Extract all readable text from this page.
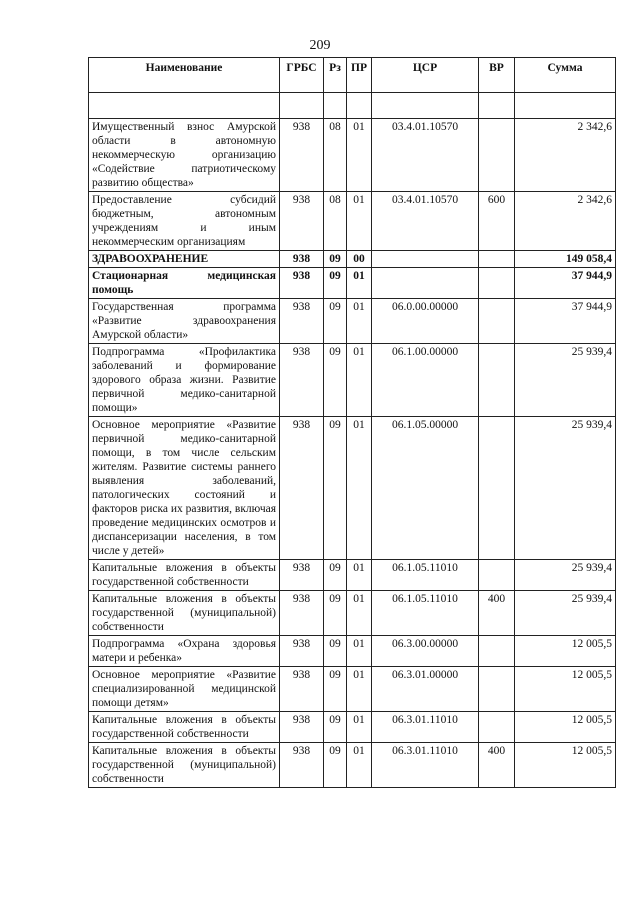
209
Наименование	ГРБС	Рз	ПР	ЦСР	ВР	Сумма

Имущественный взнос Амурской области в автономную некоммерческую организацию «Содействие патриотическому развитию общества»	938	08	01	03.4.01.10570		2 342,6
Предоставление субсидий бюджетным, автономным учреждениям и иным некоммерческим организациям	938	08	01	03.4.01.10570	600	2 342,6
ЗДРАВООХРАНЕНИЕ	938	09	00			149 058,4
Стационарная медицинская помощь	938	09	01			37 944,9
Государственная программа «Развитие здравоохранения Амурской области»	938	09	01	06.0.00.00000		37 944,9
Подпрограмма «Профилактика заболеваний и формирование здорового образа жизни. Развитие первичной медико-санитарной помощи»	938	09	01	06.1.00.00000		25 939,4
Основное мероприятие «Развитие первичной медико-санитарной помощи, в том числе сельским жителям. Развитие системы раннего выявления заболеваний, патологических состояний и факторов риска их развития, включая проведение медицинских осмотров и диспансеризации населения, в том числе у детей»	938	09	01	06.1.05.00000		25 939,4
Капитальные вложения в объекты государственной собственности	938	09	01	06.1.05.11010		25 939,4
Капитальные вложения в объекты государственной (муниципальной) собственности	938	09	01	06.1.05.11010	400	25 939,4
Подпрограмма «Охрана здоровья матери и ребенка»	938	09	01	06.3.00.00000		12 005,5
Основное мероприятие «Развитие специализированной медицинской помощи детям»	938	09	01	06.3.01.00000		12 005,5
Капитальные вложения в объекты государственной собственности	938	09	01	06.3.01.11010		12 005,5
Капитальные вложения в объекты государственной (муниципальной) собственности	938	09	01	06.3.01.11010	400	12 005,5
